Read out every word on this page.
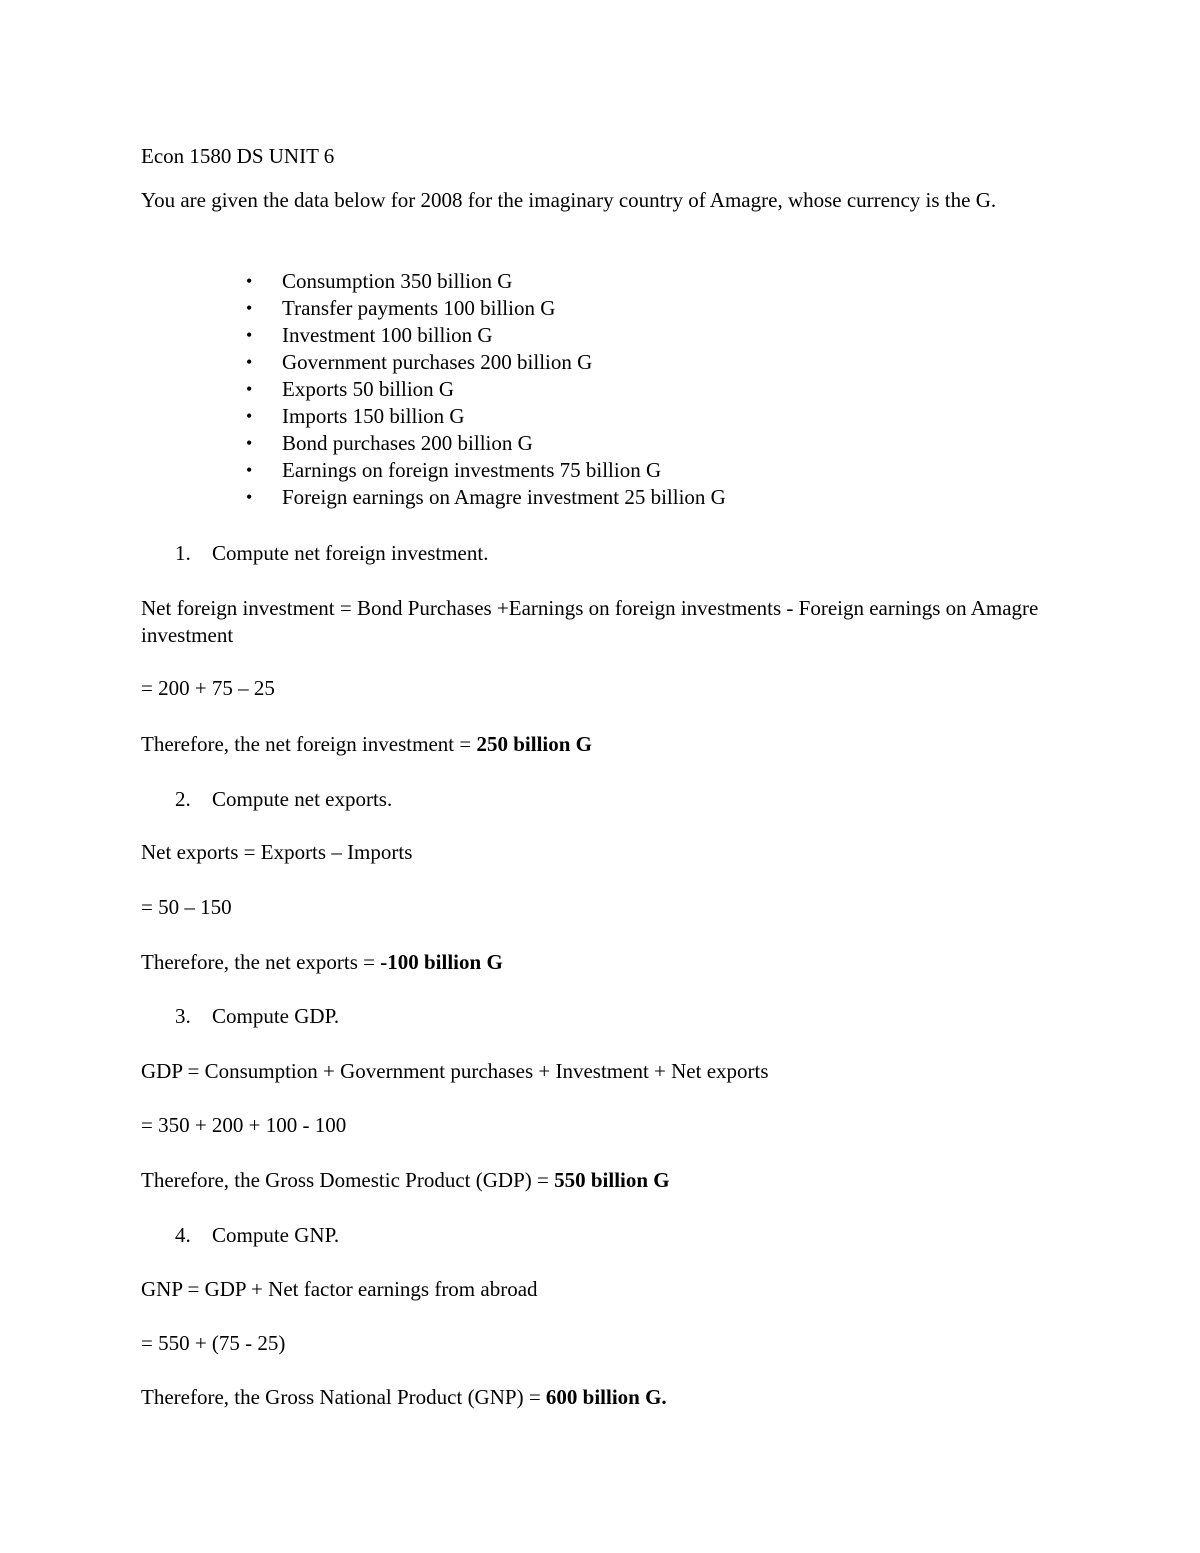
Econ 1580 DS UNIT 6
You are given the data below for 2008 for the imaginary country of Amagre, whose currency is the G.
• Consumption 350 billion G
• Transfer payments 100 billion G
• Investment 100 billion G
• Government purchases 200 billion G
• Exports 50 billion G
• Imports 150 billion G
• Bond purchases 200 billion G
• Earnings on foreign investments 75 billion G
• Foreign earnings on Amagre investment 25 billion G
1. Compute net foreign investment.
Net foreign investment = Bond Purchases +Earnings on foreign investments - Foreign earnings on Amagre investment
= 200 + 75 – 25
Therefore, the net foreign investment = 250 billion G
2. Compute net exports.
Net exports = Exports – Imports
= 50 – 150
Therefore, the net exports = -100 billion G
3. Compute GDP.
GDP = Consumption + Government purchases + Investment + Net exports
= 350 + 200 + 100 - 100
Therefore, the Gross Domestic Product (GDP) = 550 billion G
4. Compute GNP.
GNP = GDP + Net factor earnings from abroad
= 550 + (75 - 25)
Therefore, the Gross National Product (GNP) = 600 billion G.
